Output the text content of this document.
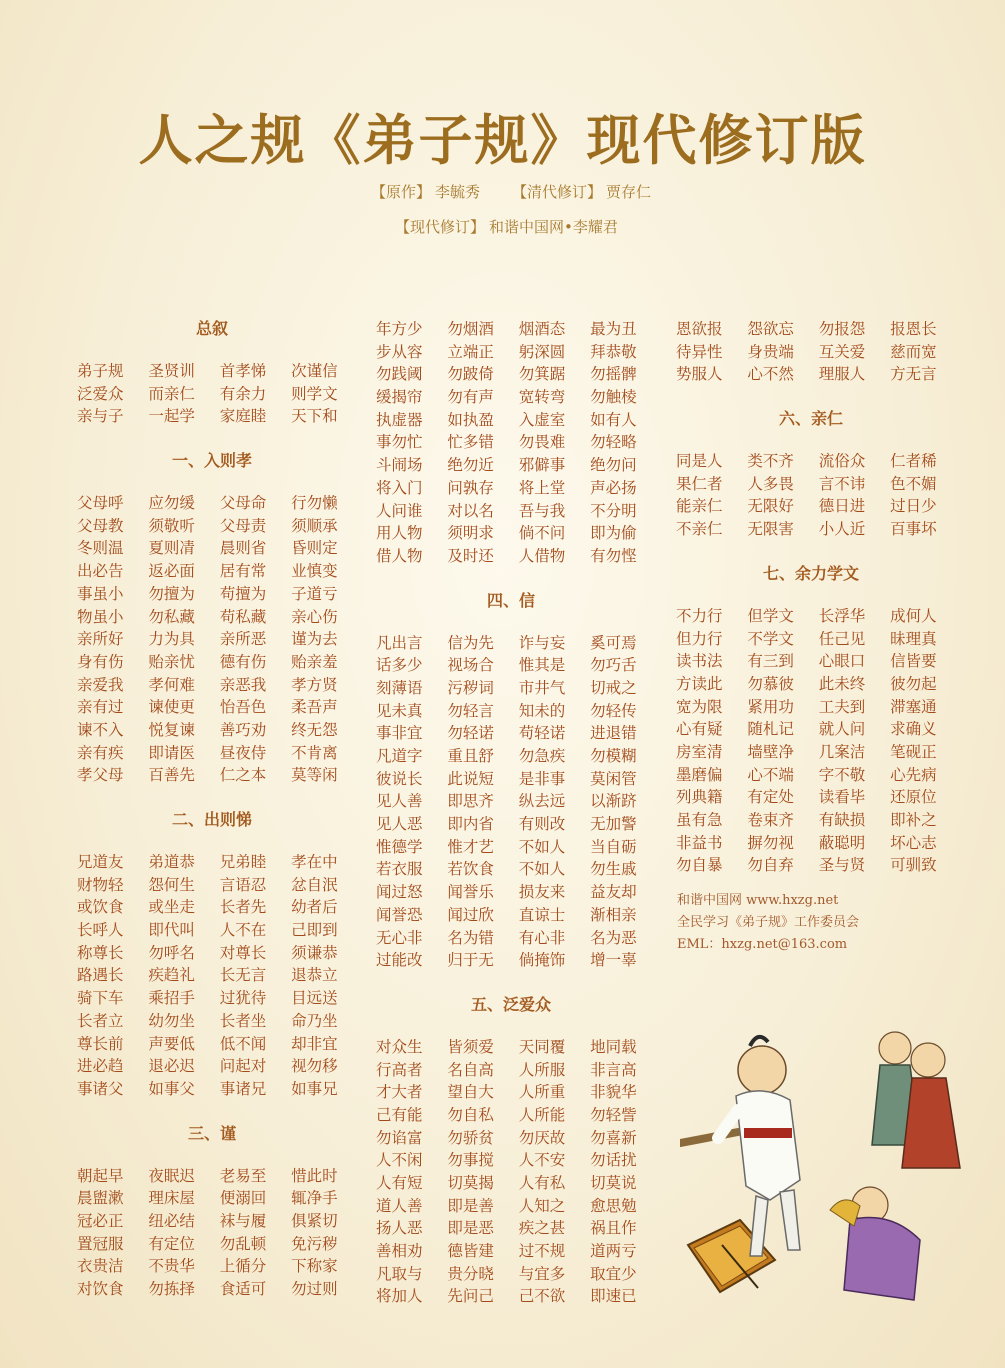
人之规《弟子规》现代修订版
【原作】 李毓秀 【清代修订】 贾存仁
【现代修订】 和谐中国网•李耀君
总叙
弟子规	圣贤训	首孝悌	次谨信
泛爱众	而亲仁	有余力	则学文
亲与子	一起学	家庭睦	天下和
一、入则孝
父母呼	应勿缓	父母命	行勿懒
父母教	须敬听	父母责	须顺承
冬则温	夏则凊	晨则省	昏则定
出必告	返必面	居有常	业慎变
事虽小	勿擅为	苟擅为	子道亏
物虽小	勿私藏	苟私藏	亲心伤
亲所好	力为具	亲所恶	谨为去
身有伤	贻亲忧	德有伤	贻亲羞
亲爱我	孝何难	亲恶我	孝方贤
亲有过	谏使更	怡吾色	柔吾声
谏不入	悦复谏	善巧劝	终无怨
亲有疾	即请医	昼夜侍	不肯离
孝父母	百善先	仁之本	莫等闲
二、出则悌
兄道友	弟道恭	兄弟睦	孝在中
财物轻	怨何生	言语忍	忿自泯
或饮食	或坐走	长者先	幼者后
长呼人	即代叫	人不在	己即到
称尊长	勿呼名	对尊长	须谦恭
路遇长	疾趋礼	长无言	退恭立
骑下车	乘招手	过犹待	目远送
长者立	幼勿坐	长者坐	命乃坐
尊长前	声要低	低不闻	却非宜
进必趋	退必迟	问起对	视勿移
事诸父	如事父	事诸兄	如事兄
三、谨
朝起早	夜眠迟	老易至	惜此时
晨盥漱	理床屋	便溺回	辄净手
冠必正	纽必结	袜与履	俱紧切
置冠服	有定位	勿乱顿	免污秽
衣贵洁	不贵华	上循分	下称家
对饮食	勿拣择	食适可	勿过则
年方少	勿烟酒	烟酒态	最为丑
步从容	立端正	躬深圆	拜恭敬
勿践阈	勿跛倚	勿箕踞	勿摇髀
缓揭帘	勿有声	宽转弯	勿触棱
执虚器	如执盈	入虚室	如有人
事勿忙	忙多错	勿畏难	勿轻略
斗闹场	绝勿近	邪僻事	绝勿问
将入门	问孰存	将上堂	声必扬
人问谁	对以名	吾与我	不分明
用人物	须明求	倘不问	即为偷
借人物	及时还	人借物	有勿悭
四、信
凡出言	信为先	诈与妄	奚可焉
话多少	视场合	惟其是	勿巧舌
刻薄语	污秽词	市井气	切戒之
见未真	勿轻言	知未的	勿轻传
事非宜	勿轻诺	苟轻诺	进退错
凡道字	重且舒	勿急疾	勿模糊
彼说长	此说短	是非事	莫闲管
见人善	即思齐	纵去远	以渐跻
见人恶	即内省	有则改	无加警
惟德学	惟才艺	不如人	当自砺
若衣服	若饮食	不如人	勿生戚
闻过怒	闻誉乐	损友来	益友却
闻誉恐	闻过欣	直谅士	渐相亲
无心非	名为错	有心非	名为恶
过能改	归于无	倘掩饰	增一辜
五、泛爱众
对众生	皆须爱	天同覆	地同载
行高者	名自高	人所服	非言高
才大者	望自大	人所重	非貌华
己有能	勿自私	人所能	勿轻訾
勿谄富	勿骄贫	勿厌故	勿喜新
人不闲	勿事搅	人不安	勿话扰
人有短	切莫揭	人有私	切莫说
道人善	即是善	人知之	愈思勉
扬人恶	即是恶	疾之甚	祸且作
善相劝	德皆建	过不规	道两亏
凡取与	贵分晓	与宜多	取宜少
将加人	先问己	己不欲	即速已
恩欲报	怨欲忘	勿报怨	报恩长
待异性	身贵端	互关爱	慈而宽
势服人	心不然	理服人	方无言
六、亲仁
同是人	类不齐	流俗众	仁者稀
果仁者	人多畏	言不讳	色不媚
能亲仁	无限好	德日进	过日少
不亲仁	无限害	小人近	百事坏
七、余力学文
不力行	但学文	长浮华	成何人
但力行	不学文	任己见	昧理真
读书法	有三到	心眼口	信皆要
方读此	勿慕彼	此未终	彼勿起
宽为限	紧用功	工夫到	滞塞通
心有疑	随札记	就人问	求确义
房室清	墙壁净	几案洁	笔砚正
墨磨偏	心不端	字不敬	心先病
列典籍	有定处	读看毕	还原位
虽有急	卷束齐	有缺损	即补之
非益书	摒勿视	蔽聪明	坏心志
勿自暴	勿自弃	圣与贤	可驯致
和谐中国网 www.hxzg.net
全民学习《弟子规》工作委员会
EML：hxzg.net@163.com
